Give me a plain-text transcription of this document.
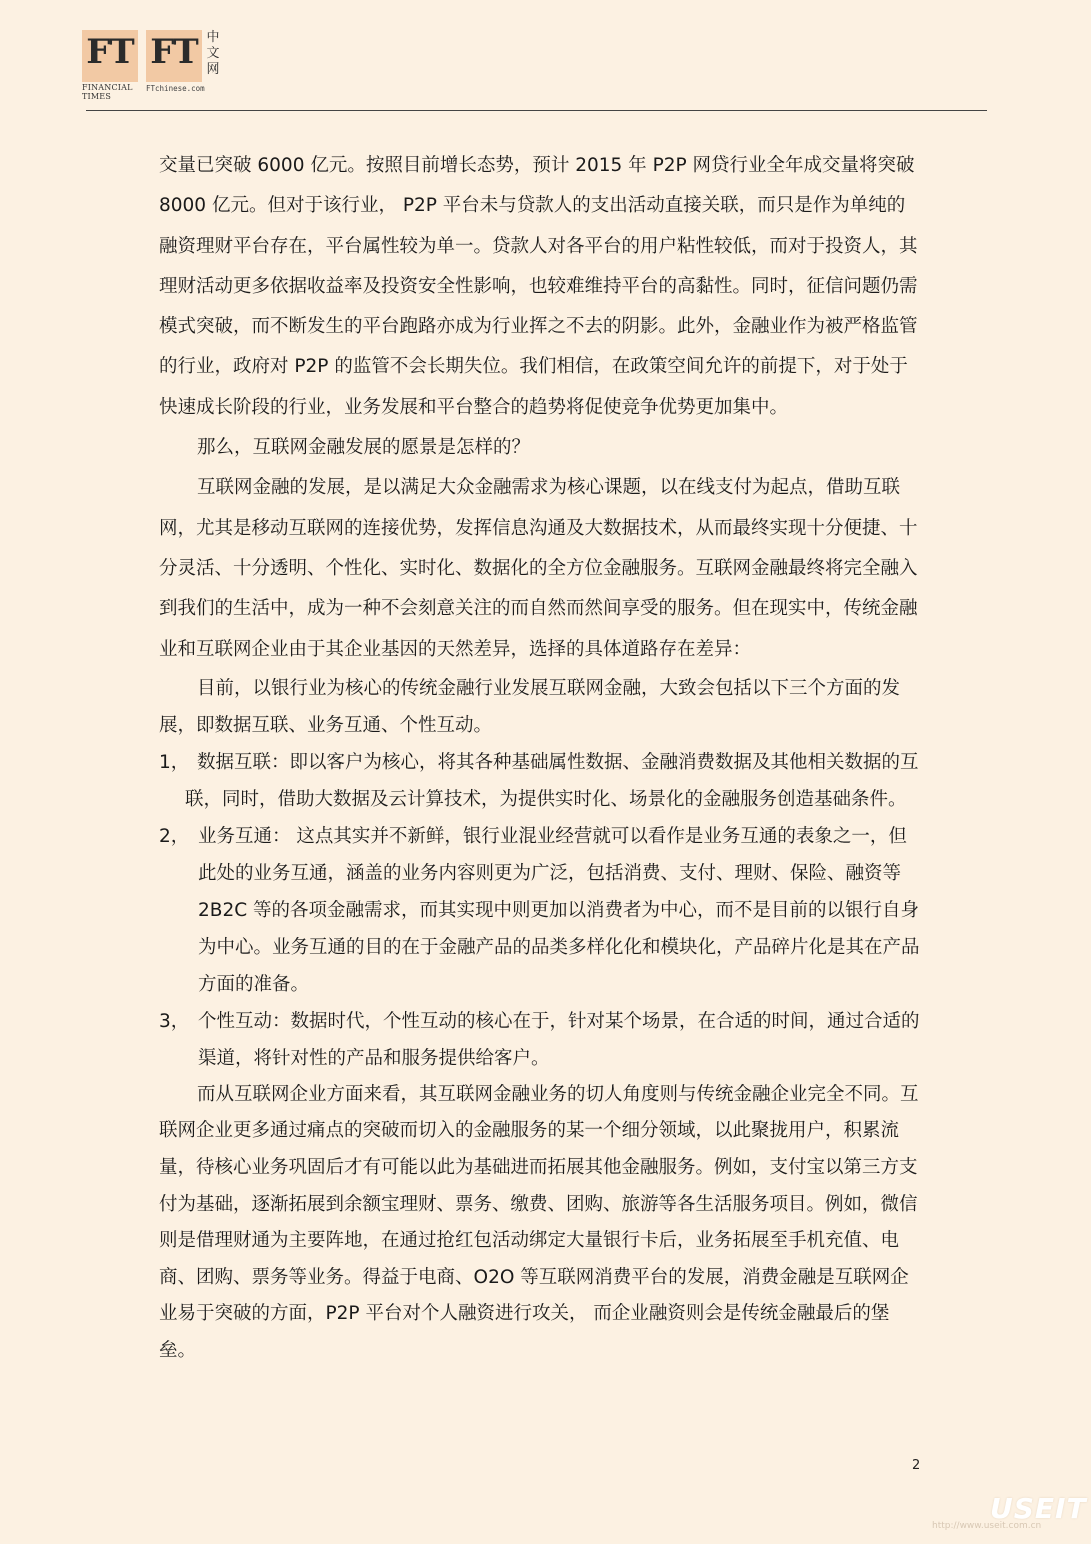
FT FT 中
文
网
FINANCIAL
TIMES
FTchinese.com

交量已突破 6000 亿元。按照目前增长态势，预计 2015 年 P2P 网贷行业全年成交量将突破 8000 亿元。但对于该行业， P2P 平台未与贷款人的支出活动直接关联，而只是作为单纯的融资理财平台存在，平台属性较为单一。贷款人对各平台的用户粘性较低，而对于投资人，其理财活动更多依据收益率及投资安全性影响，也较难维持平台的高黏性。同时，征信问题仍需模式突破，而不断发生的平台跑路亦成为行业挥之不去的阴影。此外，金融业作为被严格监管的行业，政府对 P2P 的监管不会长期失位。我们相信，在政策空间允许的前提下，对于处于快速成长阶段的行业，业务发展和平台整合的趋势将促使竞争优势更加集中。

那么，互联网金融发展的愿景是怎样的？

互联网金融的发展，是以满足大众金融需求为核心课题，以在线支付为起点，借助互联网，尤其是移动互联网的连接优势，发挥信息沟通及大数据技术，从而最终实现十分便捷、十分灵活、十分透明、个性化、实时化、数据化的全方位金融服务。互联网金融最终将完全融入到我们的生活中，成为一种不会刻意关注的而自然而然间享受的服务。但在现实中，传统金融业和互联网企业由于其企业基因的天然差异，选择的具体道路存在差异：

目前，以银行业为核心的传统金融行业发展互联网金融，大致会包括以下三个方面的发展，即数据互联、业务互通、个性互动。

1， 数据互联：即以客户为核心，将其各种基础属性数据、金融消费数据及其他相关数据的互联，同时，借助大数据及云计算技术，为提供实时化、场景化的金融服务创造基础条件。
2， 业务互通： 这点其实并不新鲜，银行业混业经营就可以看作是业务互通的表象之一，但此处的业务互通，涵盖的业务内容则更为广泛，包括消费、支付、理财、保险、融资等 2B2C 等的各项金融需求，而其实现中则更加以消费者为中心，而不是目前的以银行自身为中心。业务互通的目的在于金融产品的品类多样化化和模块化，产品碎片化是其在产品方面的准备。
3， 个性互动：数据时代，个性互动的核心在于，针对某个场景，在合适的时间，通过合适的渠道，将针对性的产品和服务提供给客户。

而从互联网企业方面来看，其互联网金融业务的切人角度则与传统金融企业完全不同。互联网企业更多通过痛点的突破而切入的金融服务的某一个细分领域，以此聚拢用户，积累流量，待核心业务巩固后才有可能以此为基础进而拓展其他金融服务。例如，支付宝以第三方支付为基础，逐渐拓展到余额宝理财、票务、缴费、团购、旅游等各生活服务项目。例如，微信则是借理财通为主要阵地，在通过抢红包活动绑定大量银行卡后，业务拓展至手机充值、电商、团购、票务等业务。得益于电商、O2O 等互联网消费平台的发展，消费金融是互联网企业易于突破的方面，P2P 平台对个人融资进行攻关， 而企业融资则会是传统金融最后的堡垒。

2
USEIT
http://www.useit.com.cn
